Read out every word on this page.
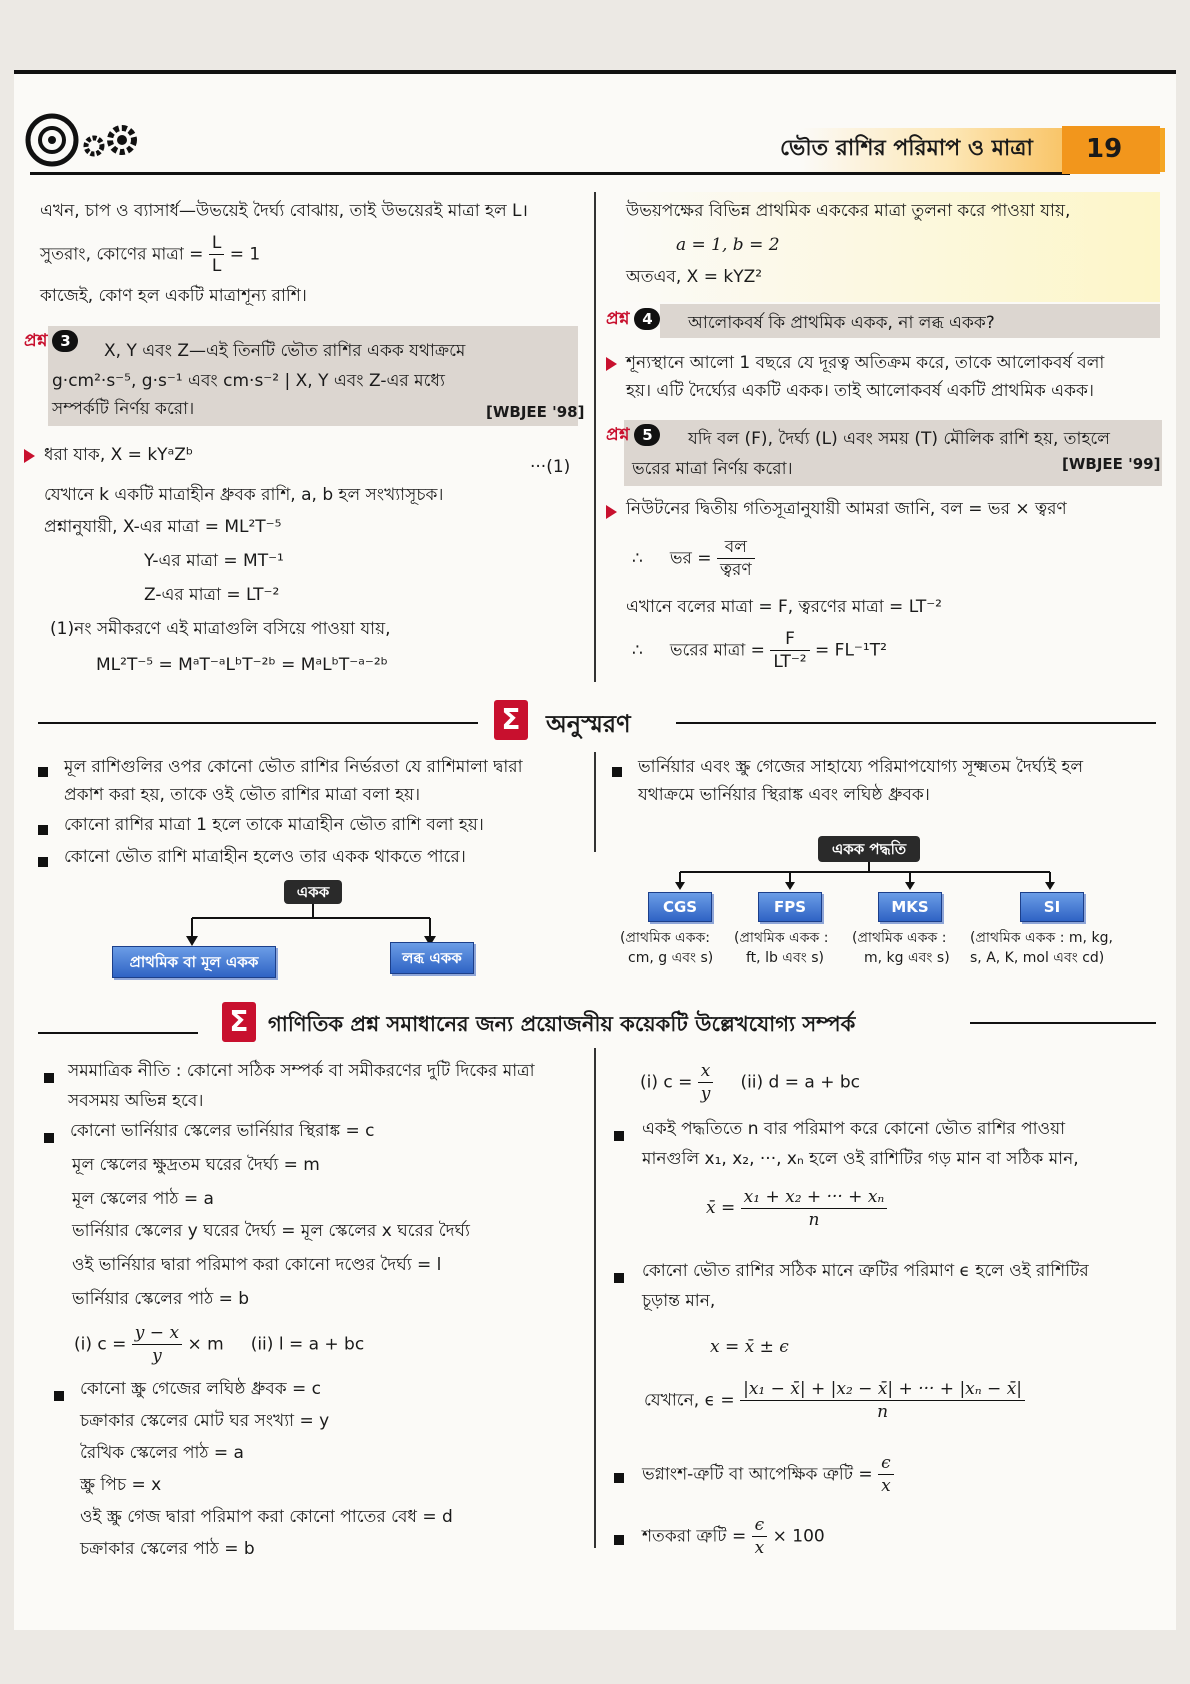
ভৌত রাশির পরিমাপ ও মাত্রা 19
এখন, চাপ ও ব্যাসার্ধ—উভয়েই দৈর্ঘ্য বোঝায়, তাই উভয়েরই মাত্রা হল L।
সুতরাং, কোণের মাত্রা = $\frac{L}{L} = 1$
কাজেই, কোণ হল একটি মাত্রাশূন্য রাশি।
প্রশ্ন 3	X, Y এবং Z—এই তিনটি ভৌত রাশির একক যথাক্রমে
g·cm²·s⁻⁵, g·s⁻¹ এবং cm·s⁻² | X, Y এবং Z-এর মধ্যে
সম্পর্কটি নির্ণয় করো।	[WBJEE '98]
ধরা যাক, X = kYᵃZᵇ
···(1)
যেখানে k একটি মাত্রাহীন ধ্রুবক রাশি, a, b হল সংখ্যাসূচক।
প্রশ্নানুযায়ী, X-এর মাত্রা = ML²T⁻⁵
Y-এর মাত্রা = MT⁻¹
Z-এর মাত্রা = LT⁻²
(1)নং সমীকরণে এই মাত্রাগুলি বসিয়ে পাওয়া যায়,
ML²T⁻⁵ = MᵃT⁻ᵃLᵇT⁻²ᵇ = MᵃLᵇT⁻ᵃ⁻²ᵇ
উভয়পক্ষের বিভিন্ন প্রাথমিক এককের মাত্রা তুলনা করে পাওয়া যায়,
a = 1, b = 2
অতএব, X = kYZ²
প্রশ্ন 4	আলোকবর্ষ কি প্রাথমিক একক, না লব্ধ একক?
শূন্যস্থানে আলো 1 বছরে যে দূরত্ব অতিক্রম করে, তাকে আলোকবর্ষ বলা
হয়। এটি দৈর্ঘ্যের একটি একক। তাই আলোকবর্ষ একটি প্রাথমিক একক।
প্রশ্ন 5	যদি বল (F), দৈর্ঘ্য (L) এবং সময় (T) মৌলিক রাশি হয়, তাহলে
ভরের মাত্রা নির্ণয় করো।	[WBJEE '99]
নিউটনের দ্বিতীয় গতিসূত্রানুযায়ী আমরা জানি, বল = ভর × ত্বরণ
∴ ভর = $\frac{\text{বল}}{\text{ত্বরণ}}$
এখানে বলের মাত্রা = F, ত্বরণের মাত্রা = LT⁻²
∴ ভরের মাত্রা = $\frac{F}{\text{LT⁻²}} = FL^{-1}T^2$
Σ	অনুস্মরণ
মূল রাশিগুলির ওপর কোনো ভৌত রাশির নির্ভরতা যে রাশিমালা দ্বারা
প্রকাশ করা হয়, তাকে ওই ভৌত রাশির মাত্রা বলা হয়।
কোনো রাশির মাত্রা 1 হলে তাকে মাত্রাহীন ভৌত রাশি বলা হয়।
কোনো ভৌত রাশি মাত্রাহীন হলেও তার একক থাকতে পারে।
ভার্নিয়ার এবং স্ক্রু গেজের সাহায্যে পরিমাপযোগ্য সূক্ষ্মতম দৈর্ঘ্যই হল
যথাক্রমে ভার্নিয়ার স্থিরাঙ্ক এবং লঘিষ্ঠ ধ্রুবক।
একক
প্রাথমিক বা মূল একক	লব্ধ একক
একক পদ্ধতি
CGS	FPS	MKS	SI
(প্রাথমিক একক:
cm, g এবং s)
(প্রাথমিক একক :
ft, lb এবং s)
(প্রাথমিক একক :
m, kg এবং s)
(প্রাথমিক একক : m, kg,
s, A, K, mol এবং cd)
Σ গাণিতিক প্রশ্ন সমাধানের জন্য প্রয়োজনীয় কয়েকটি উল্লেখযোগ্য সম্পর্ক
সমমাত্রিক নীতি : কোনো সঠিক সম্পর্ক বা সমীকরণের দুটি দিকের মাত্রা
সবসময় অভিন্ন হবে।
কোনো ভার্নিয়ার স্কেলের ভার্নিয়ার স্থিরাঙ্ক = c
মূল স্কেলের ক্ষুদ্রতম ঘরের দৈর্ঘ্য = m
মূল স্কেলের পাঠ = a
ভার্নিয়ার স্কেলের y ঘরের দৈর্ঘ্য = মূল স্কেলের x ঘরের দৈর্ঘ্য
ওই ভার্নিয়ার দ্বারা পরিমাপ করা কোনো দণ্ডের দৈর্ঘ্য = l
ভার্নিয়ার স্কেলের পাঠ = b
(i) $c = \frac{y - x}{y} \times m$ (ii) l = a + bc
কোনো স্ক্রু গেজের লঘিষ্ঠ ধ্রুবক = c
চক্রাকার স্কেলের মোট ঘর সংখ্যা = y
রৈখিক স্কেলের পাঠ = a
স্ক্রু পিচ = x
ওই স্ক্রু গেজ দ্বারা পরিমাপ করা কোনো পাতের বেধ = d
চক্রাকার স্কেলের পাঠ = b
(i) $c = \frac{x}{y} (ii) d = a$ + bc
একই পদ্ধতিতে n বার পরিমাপ করে কোনো ভৌত রাশির পাওয়া
মানগুলি x₁, x₂, ···, xₙ হলে ওই রাশিটির গড় মান বা সঠিক মান,
x̄ = $\frac{\text{x₁ + x₂ + ··· + xₙ}}{n}$
কোনো ভৌত রাশির সঠিক মানে ত্রুটির পরিমাণ ϵ হলে ওই রাশিটির
চূড়ান্ত মান,
x = x̄ ± ϵ
যেখানে, $\epsilon = \frac{\text{|x₁ − x̄| + |x₂ − x̄| + ··· + |xₙ − x̄|}}{n}$
ভগ্নাংশ-ত্রুটি বা আপেক্ষিক ত্রুটি = $\frac{\epsilon}{x}$
শতকরা ত্রুটি = $\frac{\epsilon}{x} \times 100$
